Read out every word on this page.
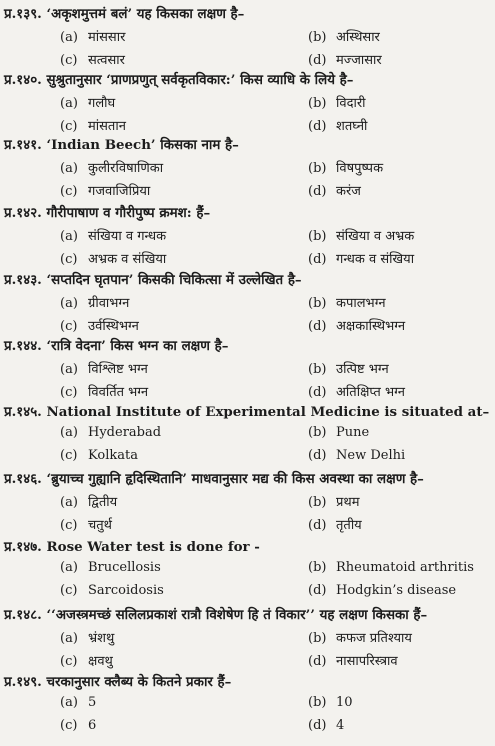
प्र.१३९. ‘अकृशमुत्तमं बलं’ यह किसका लक्षण है–
(a) मांससार	(b) अस्थिसार
(c) सत्वसार	(d) मज्जासार
प्र.१४०. सुश्रुतानुसार ‘प्राणप्रणुत् सर्वकृतविकार:’ किस व्याधि के लिये है–
(a) गलौघ	(b) विदारी
(c) मांसतान	(d) शतघ्नी
प्र.१४१. ‘Indian Beech’ किसका नाम है–
(a) कुलीरविषाणिका	(b) विषपुष्पक
(c) गजवाजिप्रिया	(d) करंज
प्र.१४२. गौरीपाषाण व गौरीपुष्प क्रमश: हैं–
(a) संखिया व गन्धक	(b) संखिया व अभ्रक
(c) अभ्रक व संखिया	(d) गन्धक व संखिया
प्र.१४३. ‘सप्तदिन घृतपान’ किसकी चिकित्सा में उल्लेखित है–
(a) ग्रीवाभग्न	(b) कपालभग्न
(c) उर्वस्थिभग्न	(d) अक्षकास्थिभग्न
प्र.१४४. ‘रात्रि वेदना’ किस भग्न का लक्षण है–
(a) विश्लिष्ट भग्न	(b) उत्पिष्ट भग्न
(c) विवर्तित भग्न	(d) अतिक्षिप्त भग्न
प्र.१४५. National Institute of Experimental Medicine is situated at–
(a) Hyderabad	(b) Pune
(c) Kolkata	(d) New Delhi
प्र.१४६. ‘ब्रुयाच्च गुह्यानि हृदिस्थितानि’ माधवानुसार मद्य की किस अवस्था का लक्षण है–
(a) द्वितीय	(b) प्रथम
(c) चतुर्थ	(d) तृतीय
प्र.१४७. Rose Water test is done for -
(a) Brucellosis	(b) Rheumatoid arthritis
(c) Sarcoidosis	(d) Hodgkin’s disease
प्र.१४८. ‘‘अजस्त्रमच्छं सलिलप्रकाशं रात्रौ विशेषेण हि तं विकार’’ यह लक्षण किसका हैं–
(a) भ्रंशथु	(b) कफज प्रतिश्याय
(c) क्षवथु	(d) नासापरिस्त्राव
प्र.१४९. चरकानुसार क्लैब्य के कितने प्रकार हैं–
(a) 5	(b) 10
(c) 6	(d) 4
